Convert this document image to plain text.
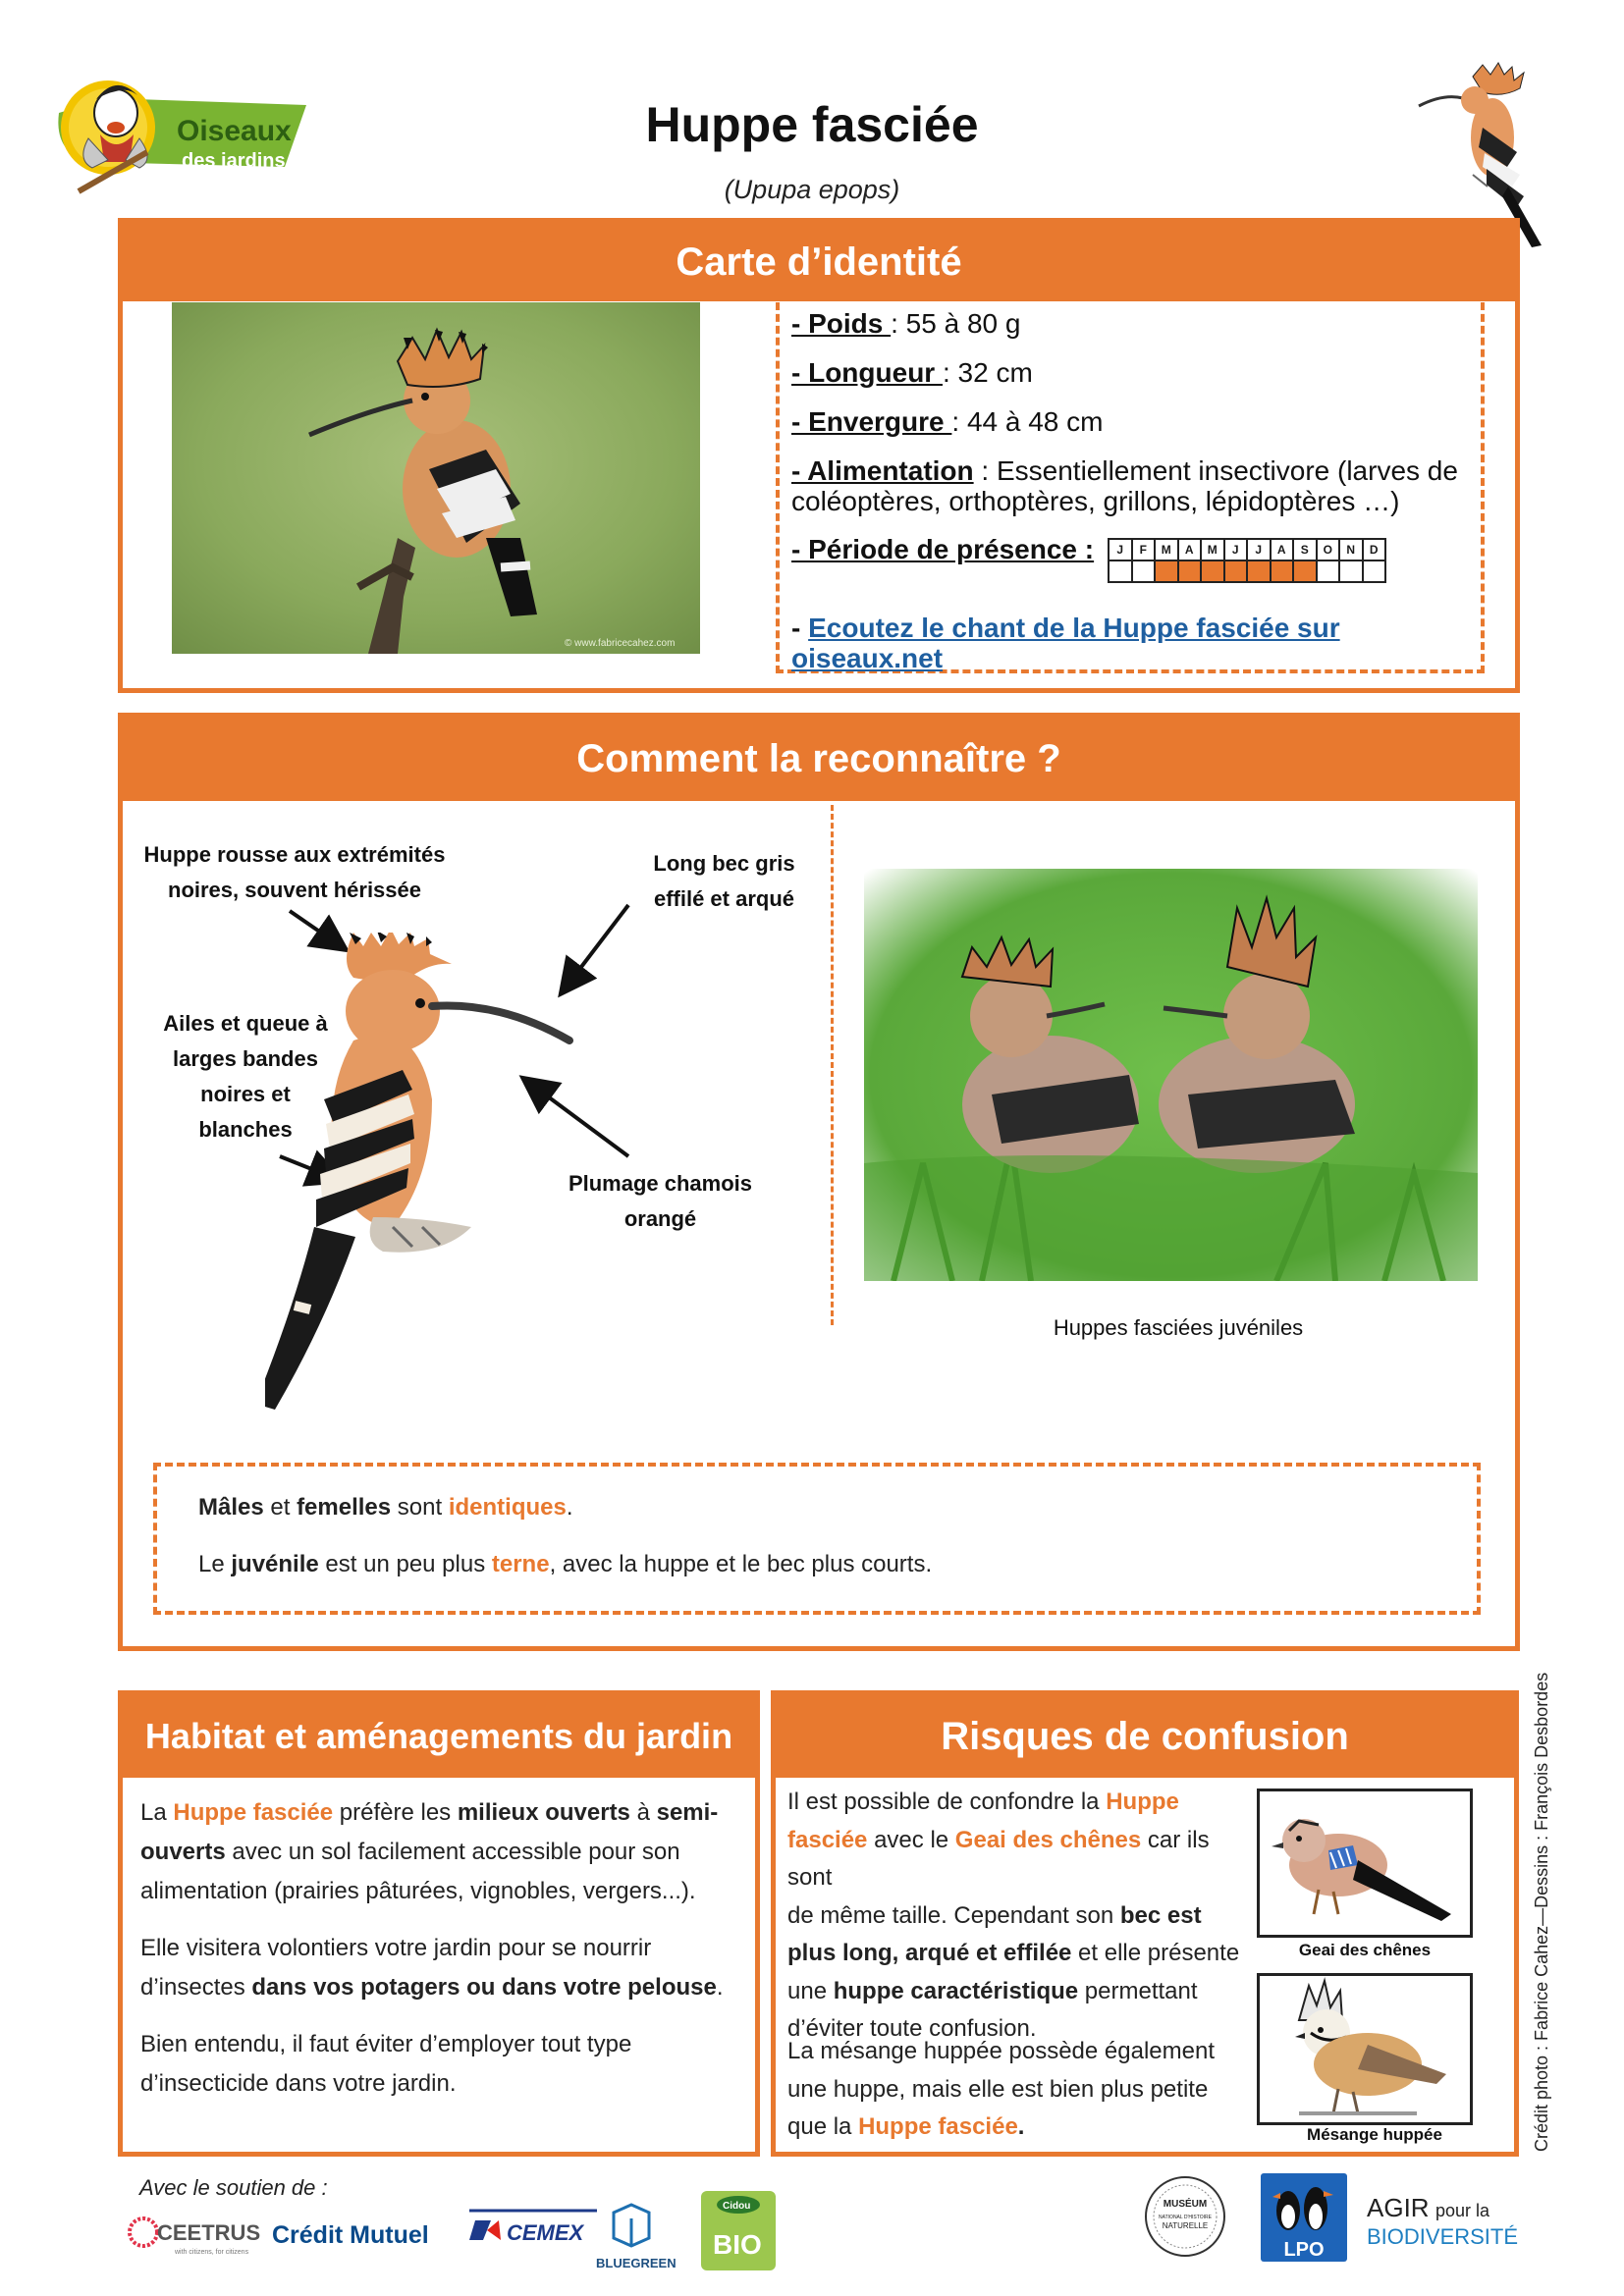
Oiseaux
des jardins
Huppe fasciée
(Upupa epops)
Carte d’identité
© www.fabricecahez.com
- Poids : 55 à 80 g
- Longueur : 32 cm
- Envergure : 44 à 48 cm
- Alimentation : Essentiellement insectivore (larves de
coléoptères, orthoptères, grillons, lépidoptères …)
- Période de présence : J	F	M	A	M	J	J	A	S	O	N	D

- Ecoutez le chant de la Huppe fasciée sur oiseaux.net
Comment la reconnaître ?
Huppe rousse aux extrémités
noires, souvent hérissée
Long bec gris
effilé et arqué
Ailes et queue à
larges bandes
noires et
blanches
Plumage chamois
orangé
Huppes fasciées juvéniles
Mâles et femelles sont identiques.
Le juvénile est un peu plus terne, avec la huppe et le bec plus courts.
Habitat et aménagements du jardin
La Huppe fasciée préfère les milieux ouverts à semi-
ouverts avec un sol facilement accessible pour son
alimentation (prairies pâturées, vignobles, vergers...).
Elle visitera volontiers votre jardin pour se nourrir
d’insectes dans vos potagers ou dans votre pelouse.
Bien entendu, il faut éviter d’employer tout type
d’insecticide dans votre jardin.
Risques de confusion
Il est possible de confondre la Huppe
fasciée avec le Geai des chênes car ils sont
de même taille. Cependant son bec est
plus long, arqué et effilée et elle présente
une huppe caractéristique permettant
d’éviter toute confusion.
La mésange huppée possède également
une huppe, mais elle est bien plus petite
que la Huppe fasciée.
Geai des chênes
Mésange huppée	Crédit photo : Fabrice Cahez—Dessins : François Desbordes
Avec le soutien de :
CEETRUS
with citizens, for citizens
Crédit Mutuel	CEMEX
BLUEGREEN
Cidou
BIO
MUSÉUM
NATIONAL D'HISTOIRE
NATURELLE
LPO
AGIR pour la
BIODIVERSITÉ
